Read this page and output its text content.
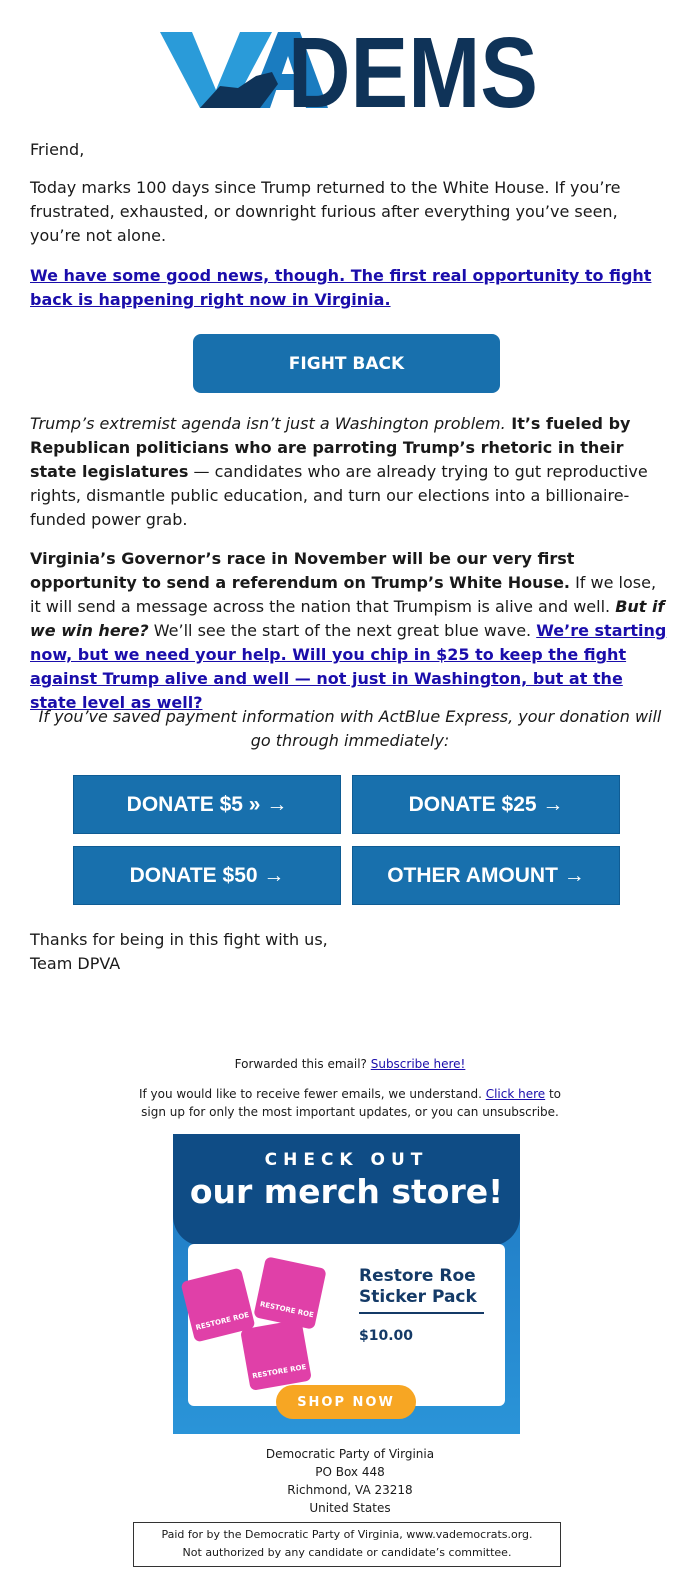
DEMS
Friend,
Today marks 100 days since Trump returned to the White House. If you’re frustrated, exhausted, or downright furious after everything you’ve seen, you’re not alone.
We have some good news, though. The first real opportunity to fight back is happening right now in Virginia.
FIGHT BACK
Trump’s extremist agenda isn’t just a Washington problem. It’s fueled by Republican politicians who are parroting Trump’s rhetoric in their state legislatures — candidates who are already trying to gut reproductive rights, dismantle public education, and turn our elections into a billionaire-funded power grab.
Virginia’s Governor’s race in November will be our very first opportunity to send a referendum on Trump’s White House. If we lose, it will send a message across the nation that Trumpism is alive and well. But if we win here? We’ll see the start of the next great blue wave. We’re starting now, but we need your help. Will you chip in $25 to keep the fight against Trump alive and well — not just in Washington, but at the state level as well?
If you’ve saved payment information with ActBlue Express, your donation will go through immediately:
DONATE $5 » →	DONATE $25 →
DONATE $50 →	OTHER AMOUNT →
Thanks for being in this fight with us,
Team DPVA
Forwarded this email? Subscribe here!
If you would like to receive fewer emails, we understand. Click here to sign up for only the most important updates, or you can unsubscribe.
CHECK OUT
our merch store!
RESTORE ROE
RESTORE ROE
RESTORE ROE
Restore Roe Sticker Pack
$10.00
SHOP NOW
Democratic Party of Virginia
PO Box 448
Richmond, VA 23218
United States
Paid for by the Democratic Party of Virginia, www.vademocrats.org.
Not authorized by any candidate or candidate’s committee.
